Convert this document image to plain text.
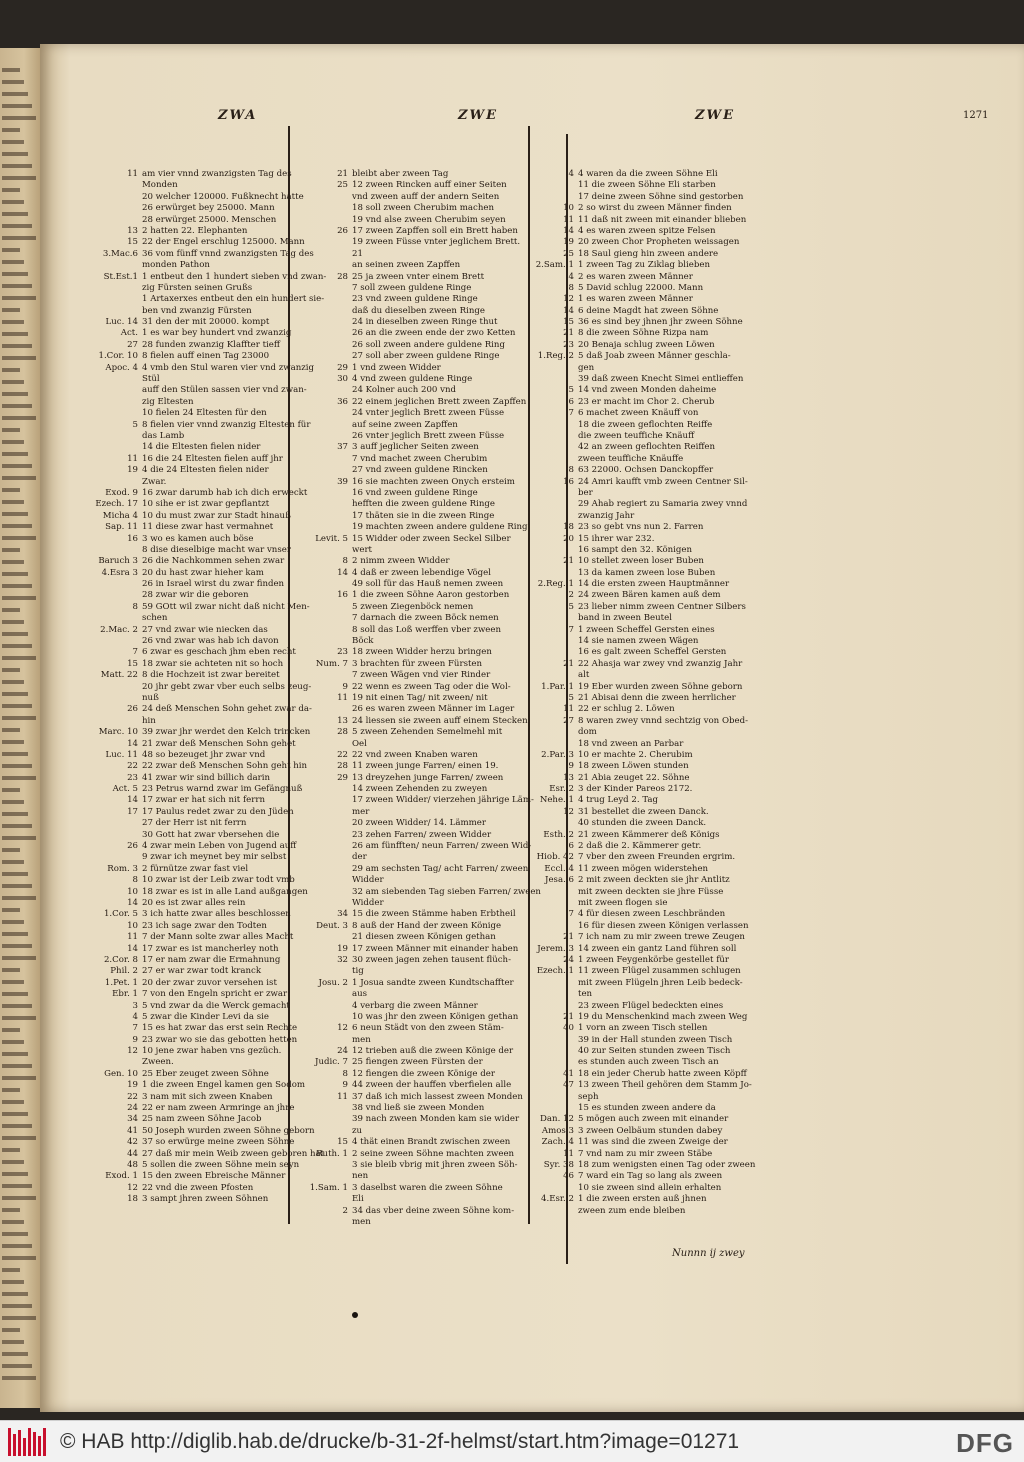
ZWA	ZWE	ZWE	1271
11 am vier vnnd zwanzigsten Tag des
Monden
20 welcher 120000. Fußknecht hatte
26 erwürget bey 25000. Mann
28 erwürget 25000. Menschen
13 2 hatten 22. Elephanten
15 22 der Engel erschlug 125000. Mann
3.Mac.6 36 vom fünff vnnd zwanzigsten Tag des
monden Pathon
St.Est.1 1 entbeut den 1 hundert sieben vnd zwan-
zig Fürsten seinen Grußs
1 Artaxerxes entbeut den ein hundert sie-
ben vnd zwanzig Fürsten
Luc. 14 31 den der mit 20000. kompt
Act. 1 es war bey hundert vnd zwanzig
27 28 funden zwanzig Klaffter tieff
1.Cor. 10 8 fielen auff einen Tag 23000
Apoc. 4 4 vmb den Stul waren vier vnd zwanzig
Stül
auff den Stülen sassen vier vnd zwan-
zig Eltesten
10 fielen 24 Eltesten für den
5 8 fielen vier vnnd zwanzig Eltesten für
das Lamb
14 die Eltesten fielen nider
11 16 die 24 Eltesten fielen auff jhr
19 4 die 24 Eltesten fielen nider
Zwar.
Exod. 9 16 zwar darumb hab ich dich erweckt
Ezech. 17 10 sihe er ist zwar gepflantzt
Micha 4 10 du must zwar zur Stadt hinauß
Sap. 11 11 diese zwar hast vermahnet
16 3 wo es kamen auch böse
8 dise dieselbige macht war vnser
Baruch 3 26 die Nachkommen sehen zwar
4.Esra 3 20 du hast zwar hieher kam
26 in Israel wirst du zwar finden
28 zwar wir die geboren
8 59 GOtt wil zwar nicht daß nicht Men-
schen
2.Mac. 2 27 vnd zwar wie niecken das
26 vnd zwar was hab ich davon
7 6 zwar es geschach jhm eben recht
15 18 zwar sie achteten nit so hoch
Matt. 22 8 die Hochzeit ist zwar bereitet
20 jhr gebt zwar vber euch selbs zeug-
nuß
26 24 deß Menschen Sohn gehet zwar da-
hin
Marc. 10 39 zwar jhr werdet den Kelch trincken
14 21 zwar deß Menschen Sohn gehet
Luc. 11 48 so bezeuget jhr zwar vnd
22 22 zwar deß Menschen Sohn geht hin
23 41 zwar wir sind billich darin
Act. 5 23 Petrus warnd zwar im Gefängnuß
14 17 zwar er hat sich nit ferrn
17 17 Paulus redet zwar zu den Jüden
27 der Herr ist nit ferrn
30 Gott hat zwar vbersehen die
26 4 zwar mein Leben von Jugend auff
9 zwar ich meynet bey mir selbst
Rom. 3 2 fürnütze zwar fast viel
8 10 zwar ist der Leib zwar todt vmb
10 18 zwar es ist in alle Land außgangen
14 20 es ist zwar alles rein
1.Cor. 5 3 ich hatte zwar alles beschlossen
10 23 ich sage zwar den Todten
11 7 der Mann solte zwar alles Macht
14 17 zwar es ist mancherley noth
2.Cor. 8 17 er nam zwar die Ermahnung
Phil. 2 27 er war zwar todt kranck
1.Pet. 1 20 der zwar zuvor versehen ist
Ebr. 1 7 von den Engeln spricht er zwar
3 5 vnd zwar da die Werck gemacht
4 5 zwar die Kinder Levi da sie
7 15 es hat zwar das erst sein Rechte
9 23 zwar wo sie das gebotten hetten
12 10 jene zwar haben vns gezüch.
Zween.
Gen. 10 25 Eber zeuget zween Söhne
19 1 die zween Engel kamen gen Sodom
22 3 nam mit sich zween Knaben
24 22 er nam zween Armringe an jhre
34 25 nam zween Söhne Jacob
41 50 Joseph wurden zween Söhne geborn
42 37 so erwürge meine zween Söhne
44 27 daß mir mein Weib zween geboren hat
48 5 sollen die zween Söhne mein seyn
Exod. 1 15 den zween Ebreische Männer
12 22 vnd die zween Pfosten
18 3 sampt jhren zween Söhnen
21 bleibt aber zween Tag
25 12 zween Rincken auff einer Seiten
vnd zween auff der andern Seiten
18 soll zween Cherubim machen
19 vnd alse zween Cherubim seyen
26 17 zween Zapffen soll ein Brett haben
19 zween Füsse vnter jeglichem Brett.
21
an seinen zween Zapffen
28 25 ja zween vnter einem Brett
7 soll zween guldene Ringe
23 vnd zween guldene Ringe
daß du dieselben zween Ringe
24 in dieselben zween Ringe thut
26 an die zween ende der zwo Ketten
26 soll zween andere guldene Ring
27 soll aber zween guldene Ringe
29 1 vnd zween Widder
30 4 vnd zween guldene Ringe
24 Kolner auch 200 vnd
36 22 einem jeglichen Brett zween Zapffen
24 vnter jeglich Brett zween Füsse
auf seine zween Zapffen
26 vnter jeglich Brett zween Füsse
37 3 auff jeglicher Seiten zween
7 vnd machet zween Cherubim
27 vnd zween guldene Rincken
39 16 sie machten zween Onych ersteim
16 vnd zween guldene Ringe
hefften die zween guldene Ringe
17 thäten sie in die zween Ringe
19 machten zween andere guldene Ring
Levit. 5 15 Widder oder zween Seckel Silber
wert
8 2 nimm zween Widder
14 4 daß er zween lebendige Vögel
49 soll für das Hauß nemen zween
16 1 die zween Söhne Aaron gestorben
5 zween Ziegenböck nemen
7 darnach die zween Böck nemen
8 soll das Loß werffen vber zween
Böck
23 18 zween Widder herzu bringen
Num. 7 3 brachten für zween Fürsten
7 zween Wägen vnd vier Rinder
9 22 wenn es zween Tag oder die Wol-
11 19 nit einen Tag/ nit zween/ nit
26 es waren zween Männer im Lager
13 24 liessen sie zween auff einem Stecken
28 5 zween Zehenden Semelmehl mit
Oel
22 22 vnd zween Knaben waren
28 11 zween junge Farren/ einen 19.
29 13 dreyzehen junge Farren/ zween
14 zween Zehenden zu zweyen
17 zween Widder/ vierzehen jährige Läm-
mer
20 zween Widder/ 14. Lämmer
23 zehen Farren/ zween Widder
26 am fünfften/ neun Farren/ zween Wid-
der
29 am sechsten Tag/ acht Farren/ zween
Widder
32 am siebenden Tag sieben Farren/ zween
Widder
34 15 die zween Stämme haben Erbtheil
Deut. 3 8 auß der Hand der zween Könige
21 diesen zween Königen gethan
19 17 zween Männer mit einander haben
32 30 zween jagen zehen tausent flüch-
tig
Josu. 2 1 Josua sandte zween Kundtschaffter
aus
4 verbarg die zween Männer
10 was jhr den zween Königen gethan
12 6 neun Städt von den zween Stäm-
men
24 12 trieben auß die zween Könige der
Judic. 7 25 fiengen zween Fürsten der
8 12 fiengen die zween Könige der
9 44 zween der hauffen vberfielen alle
11 37 daß ich mich lassest zween Monden
38 vnd ließ sie zween Monden
39 nach zween Monden kam sie wider
zu
15 4 thät einen Brandt zwischen zween
Ruth. 1 2 seine zween Söhne machten zween
3 sie bleib vbrig mit jhren zween Söh-
nen
1.Sam. 1 3 daselbst waren die zween Söhne
Eli
2 34 das vber deine zween Söhne kom-
men
4 4 waren da die zween Söhne Eli
11 die zween Söhne Eli starben
17 deine zween Söhne sind gestorben
10 2 so wirst du zween Männer finden
11 11 daß nit zween mit einander blieben
14 4 es waren zween spitze Felsen
19 20 zween Chor Propheten weissagen
25 18 Saul gieng hin zween andere
2.Sam. 1 1 zween Tag zu Ziklag blieben
4 2 es waren zween Männer
8 5 David schlug 22000. Mann
12 1 es waren zween Männer
14 6 deine Magdt hat zween Söhne
15 36 es sind bey jhnen jhr zween Söhne
21 8 die zween Söhne Rizpa nam
23 20 Benaja schlug zween Löwen
1.Reg. 2 5 daß Joab zween Männer geschla-
gen
39 daß zween Knecht Simei entlieffen
5 14 vnd zween Monden daheime
6 23 er macht im Chor 2. Cherub
7 6 machet zween Knäuff von
18 die zween geflochten Reiffe
die zween teuffiche Knäuff
42 an zween geflochten Reiffen
zween teuffiche Knäuffe
8 63 22000. Ochsen Danckopffer
16 24 Amri kaufft vmb zween Centner Sil-
ber
29 Ahab regiert zu Samaria zwey vnnd
zwanzig Jahr
18 23 so gebt vns nun 2. Farren
20 15 ihrer war 232.
16 sampt den 32. Königen
21 10 stellet zween loser Buben
13 da kamen zween lose Buben
2.Reg. 1 14 die ersten zween Hauptmänner
2 24 zween Bären kamen auß dem
5 23 lieber nimm zween Centner Silbers
band in zween Beutel
7 1 zween Scheffel Gersten eines
14 sie namen zween Wägen
16 es galt zween Scheffel Gersten
21 22 Ahasja war zwey vnd zwanzig Jahr
alt
1.Par. 1 19 Eber wurden zween Söhne geborn
5 21 Abisai denn die zween herrlicher
11 22 er schlug 2. Löwen
27 8 waren zwey vnnd sechtzig von Obed-
dom
18 vnd zween an Parbar
2.Par. 3 10 er machte 2. Cherubim
9 18 zween Löwen stunden
13 21 Abia zeuget 22. Söhne
Esr. 2 3 der Kinder Pareos 2172.
Nehe. 1 4 trug Leyd 2. Tag
12 31 bestellet die zween Danck.
40 stunden die zween Danck.
Esth. 2 21 zween Kämmerer deß Königs
6 2 daß die 2. Kämmerer getr.
Hiob. 42 7 vber den zween Freunden ergrim.
Eccl. 4 11 zween mögen widerstehen
Jesa. 6 2 mit zween deckten sie jhr Antlitz
mit zween deckten sie jhre Füsse
mit zween flogen sie
7 4 für diesen zween Leschbränden
16 für diesen zween Königen verlassen
21 7 ich nam zu mir zween trewe Zeugen
Jerem. 3 14 zween ein gantz Land führen soll
24 1 zween Feygenkörbe gestellet für
Ezech. 1 11 zween Flügel zusammen schlugen
mit zween Flügeln jhren Leib bedeck-
ten
23 zween Flügel bedeckten eines
21 19 du Menschenkind mach zween Weg
40 1 vorn an zween Tisch stellen
39 in der Hall stunden zween Tisch
40 zur Seiten stunden zween Tisch
es stunden auch zween Tisch an
41 18 ein jeder Cherub hatte zween Köpff
47 13 zween Theil gehören dem Stamm Jo-
seph
15 es stunden zween andere da
Dan. 12 5 mögen auch zween mit einander
Amos 3 3 zween Oelbäum stunden dabey
Zach. 4 11 was sind die zween Zweige der
11 7 vnd nam zu mir zween Stäbe
Syr. 38 18 zum wenigsten einen Tag oder zween
46 7 ward ein Tag so lang als zween
10 sie zween sind allein erhalten
4.Esr. 2 1 die zween ersten auß jhnen
zween zum ende bleiben
Nunnn ij zwey
© HAB http://diglib.hab.de/drucke/b-31-2f-helmst/start.htm?image=01271	DFG
